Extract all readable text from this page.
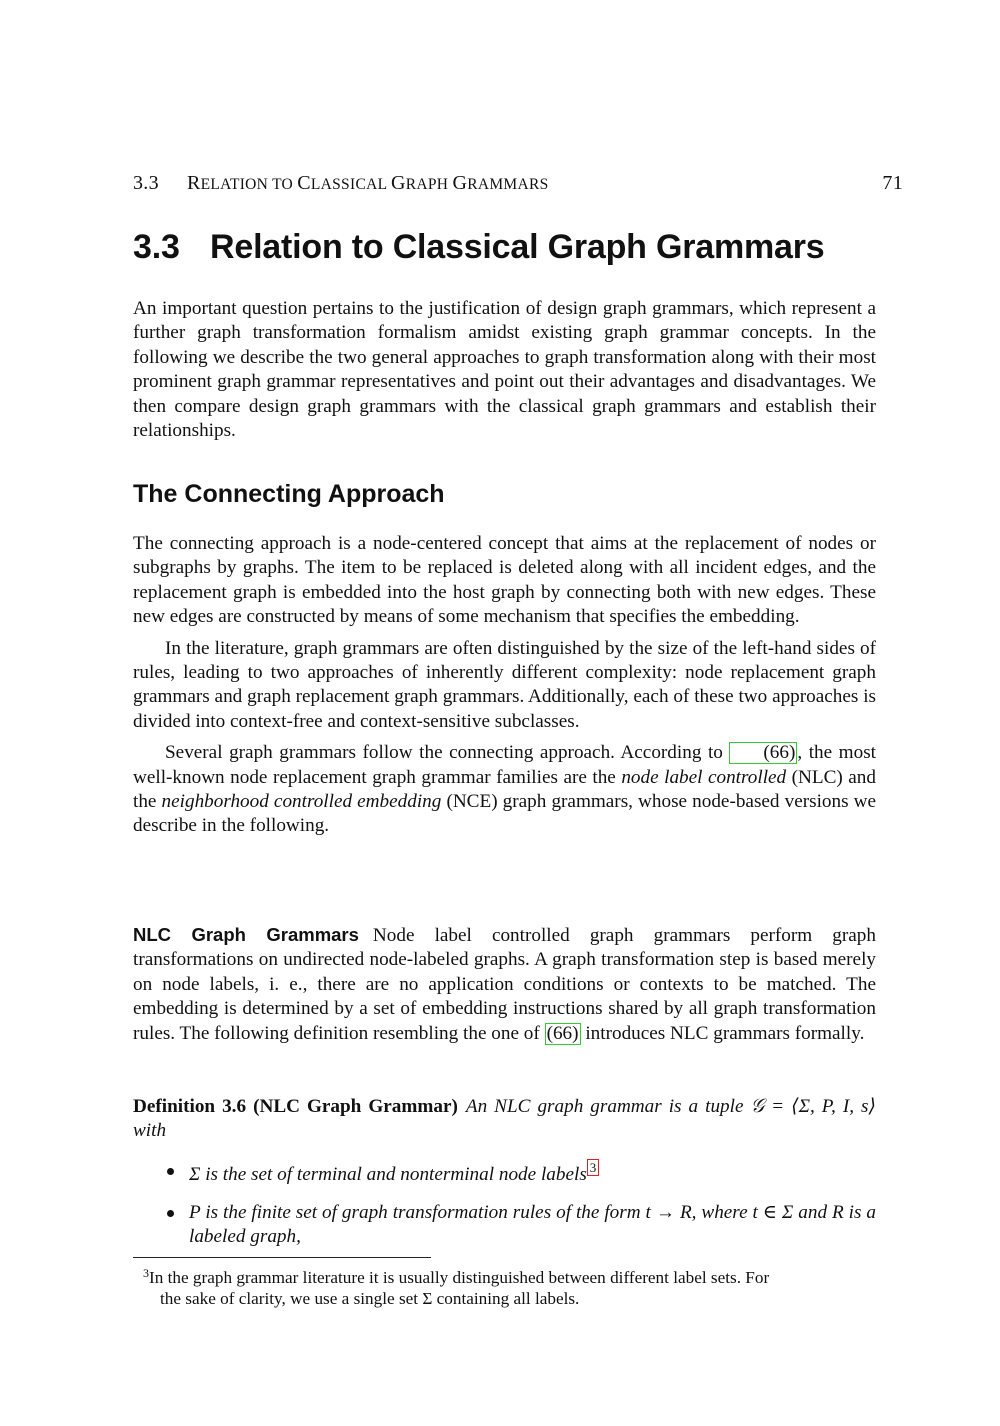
3.3 RELATION TO CLASSICAL GRAPH GRAMMARS	71
3.3 Relation to Classical Graph Grammars

An important question pertains to the justification of design graph grammars, which represent a further graph transformation formalism amidst existing graph grammar concepts. In the following we describe the two general approaches to graph transformation along with their most prominent graph grammar representatives and point out their advantages and disadvantages. We then compare design graph grammars with the classical graph grammars and establish their relationships.

The Connecting Approach

The connecting approach is a node-centered concept that aims at the replacement of nodes or subgraphs by graphs. The item to be replaced is deleted along with all incident edges, and the replacement graph is embedded into the host graph by connecting both with new edges. These new edges are constructed by means of some mechanism that specifies the embedding.

In the literature, graph grammars are often distinguished by the size of the left-hand sides of rules, leading to two approaches of inherently different complexity: node replacement graph grammars and graph replacement graph grammars. Additionally, each of these two approaches is divided into context-free and context-sensitive subclasses.

Several graph grammars follow the connecting approach. According to (66) , the most well-known node replacement graph grammar families are the node label controlled (NLC) and the neighborhood controlled embedding (NCE) graph grammars, whose node-based versions we describe in the following.

NLC Graph Grammars Node label controlled graph grammars perform graph transformations on undirected node-labeled graphs. A graph transformation step is based merely on node labels, i. e., there are no application conditions or contexts to be matched. The embedding is determined by a set of embedding instructions shared by all graph transformation rules. The following definition resembling the one of (66) introduces NLC grammars formally.

Definition 3.6 (NLC Graph Grammar) An NLC graph grammar is a tuple 𝒢 = ⟨Σ, P, I, s⟩ with

Σ is the set of terminal and nonterminal node labels 3

P is the finite set of graph transformation rules of the form t → R, where t ∈ Σ and R is a labeled graph,

$^3$In the graph grammar literature it is usually distinguished between different label sets. For
the sake of clarity, we use a single set Σ containing all labels.
